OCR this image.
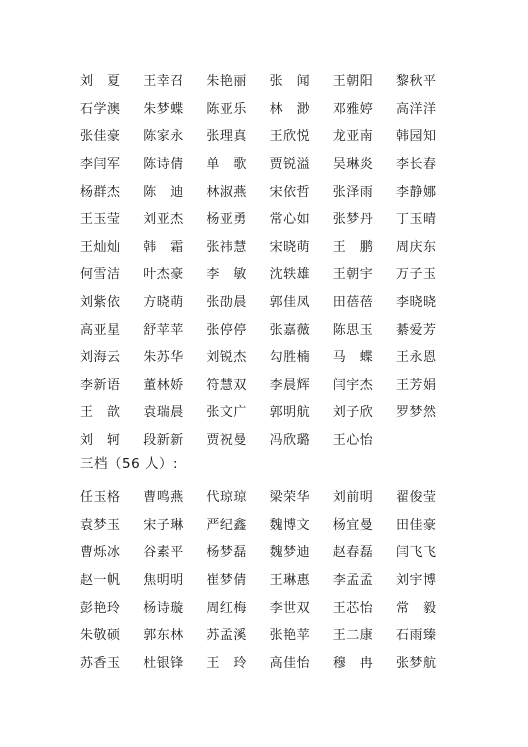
刘　夏	王幸召	朱艳丽	张　闻	王朝阳	黎秋平
石学澳	朱梦蝶	陈亚乐	林　渺	邓雅婷	高洋洋
张佳豪	陈家永	张理真	王欣悦	龙亚南	韩园知
李闫军	陈诗倩	单　歌	贾锐溢	吴琳炎	李长春
杨群杰	陈　迪	林淑燕	宋依哲	张泽雨	李静娜
王玉莹	刘亚杰	杨亚勇	常心如	张梦丹	丁玉晴
王灿灿	韩　霜	张祎慧	宋晓萌	王　鹏	周庆东
何雪洁	叶杰豪	李　敏	沈轶雄	王朝宇	万子玉
刘紫依	方晓萌	张劭晨	郭佳凤	田蓓蓓	李晓晓
高亚星	舒苹苹	张停停	张嘉薇	陈思玉	綦爱芳
刘海云	朱苏华	刘锐杰	勾胜楠	马　蝶	王永恩
李新语	董林娇	符慧双	李晨辉	闫宇杰	王芳娟
王　歆	袁瑞晨	张文广	郭明航	刘子欣	罗梦然
刘　轲	段新新	贾祝曼	冯欣璐	王心怡
三档（56 人）:
任玉格	曹鸣燕	代琼琼	梁荣华	刘前明	翟俊莹
袁梦玉	宋子琳	严纪鑫	魏博文	杨宜曼	田佳豪
曹烁冰	谷素平	杨梦磊	魏梦迪	赵春磊	闫飞飞
赵一帆	焦明明	崔梦倩	王琳惠	李孟孟	刘宇博
彭艳玲	杨诗璇	周红梅	李世双	王芯怡	常　毅
朱敬硕	郭东林	苏孟溪	张艳苹	王二康	石雨臻
苏香玉	杜银锋	王　玲	高佳怡	穆　冉	张梦航
